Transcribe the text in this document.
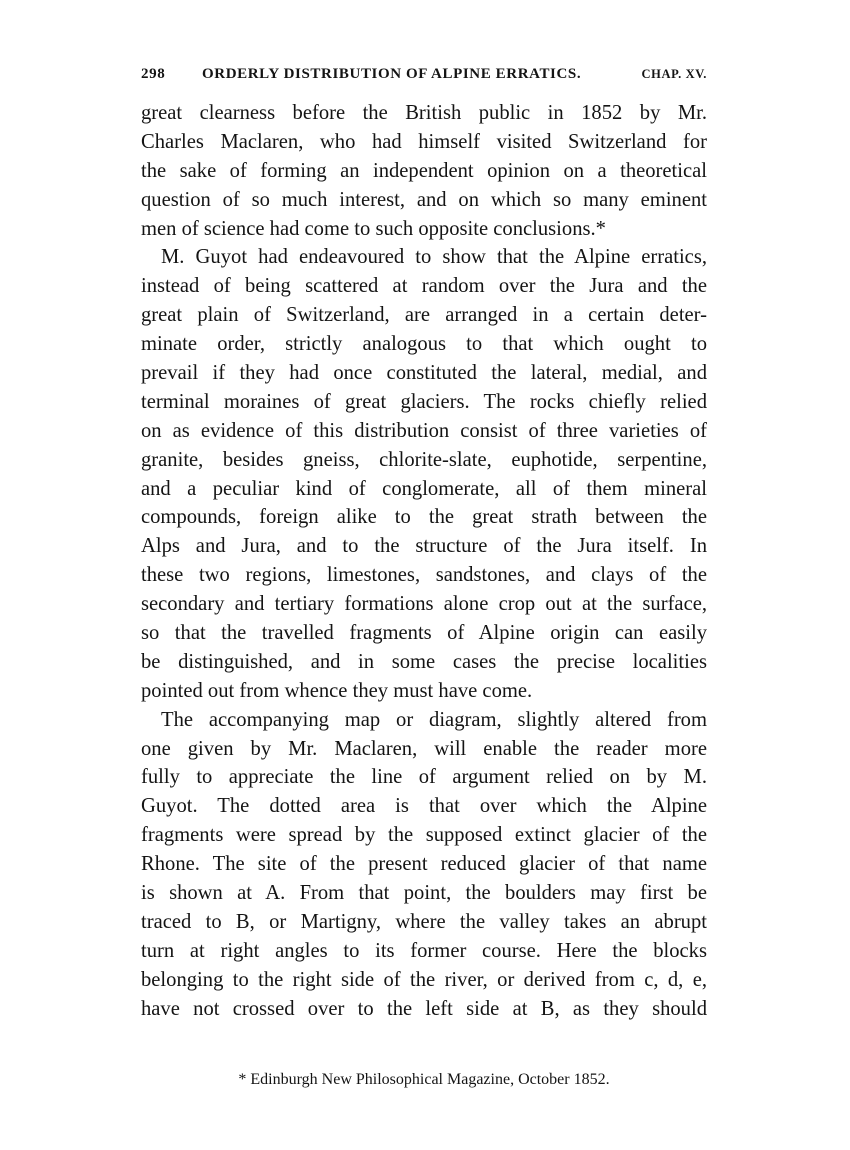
298 ORDERLY DISTRIBUTION OF ALPINE ERRATICS.	CHAP. XV.
great clearness before the British public in 1852 by Mr.
Charles Maclaren, who had himself visited Switzerland for
the sake of forming an independent opinion on a theoretical
question of so much interest, and on which so many eminent
men of science had come to such opposite conclusions.*
M. Guyot had endeavoured to show that the Alpine erratics,
instead of being scattered at random over the Jura and the
great plain of Switzerland, are arranged in a certain deter-
minate order, strictly analogous to that which ought to
prevail if they had once constituted the lateral, medial, and
terminal moraines of great glaciers. The rocks chiefly relied
on as evidence of this distribution consist of three varieties of
granite, besides gneiss, chlorite-slate, euphotide, serpentine,
and a peculiar kind of conglomerate, all of them mineral
compounds, foreign alike to the great strath between the
Alps and Jura, and to the structure of the Jura itself. In
these two regions, limestones, sandstones, and clays of the
secondary and tertiary formations alone crop out at the surface,
so that the travelled fragments of Alpine origin can easily
be distinguished, and in some cases the precise localities
pointed out from whence they must have come.
The accompanying map or diagram, slightly altered from
one given by Mr. Maclaren, will enable the reader more
fully to appreciate the line of argument relied on by M.
Guyot. The dotted area is that over which the Alpine
fragments were spread by the supposed extinct glacier of the
Rhone. The site of the present reduced glacier of that name
is shown at A. From that point, the boulders may first be
traced to B, or Martigny, where the valley takes an abrupt
turn at right angles to its former course. Here the blocks
belonging to the right side of the river, or derived from c, d, e,
have not crossed over to the left side at B, as they should
* Edinburgh New Philosophical Magazine, October 1852.
